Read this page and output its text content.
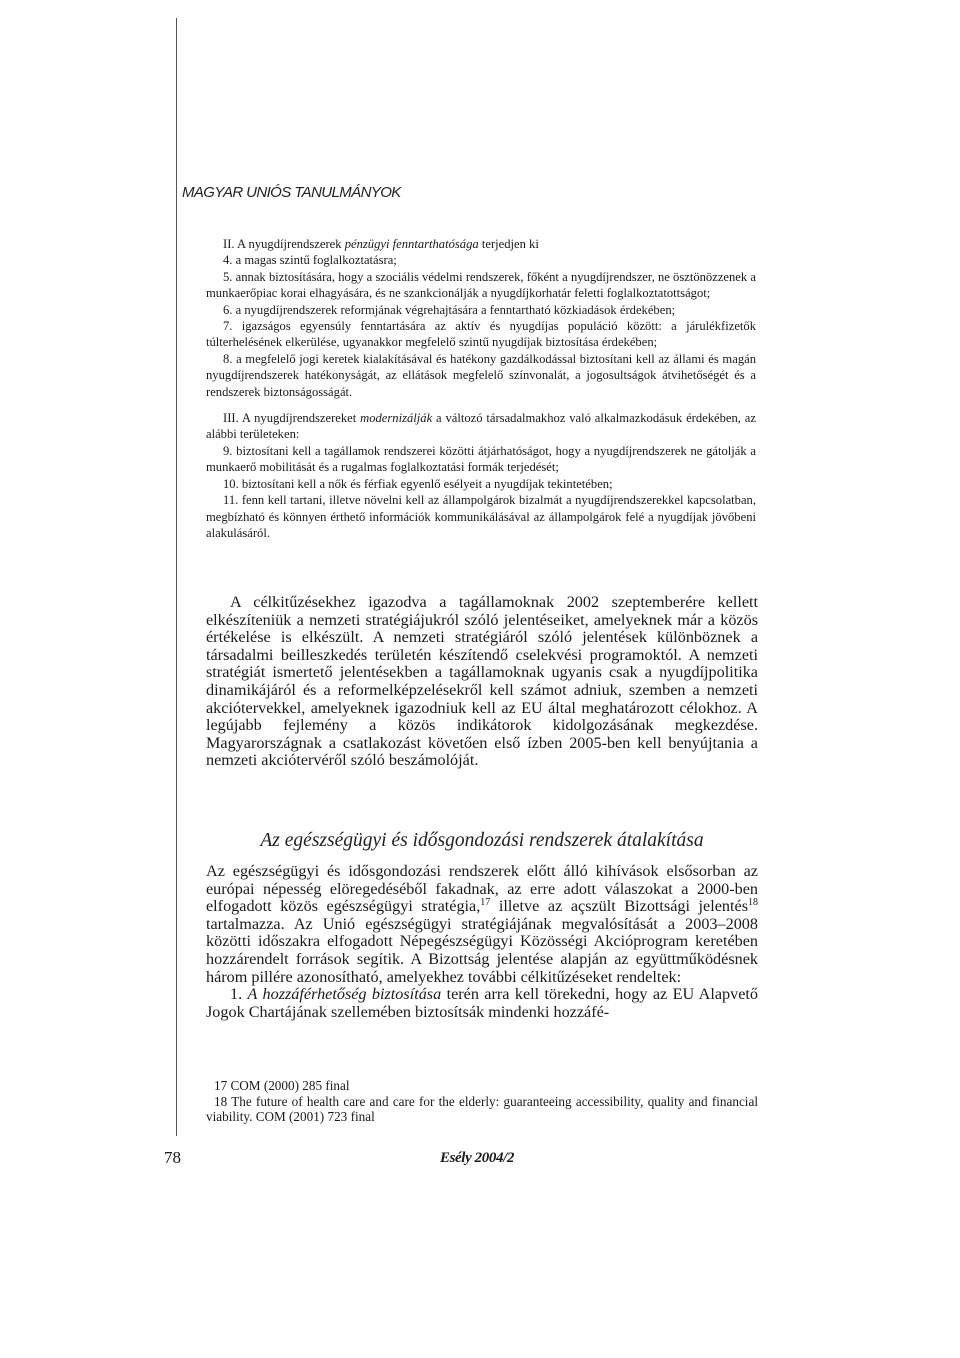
MAGYAR UNIÓS TANULMÁNYOK

II. A nyugdíjrendszerek pénzügyi fenntarthatósága terjedjen ki

4. a magas szintű foglalkoztatásra;

5. annak biztosítására, hogy a szociális védelmi rendszerek, főként a nyugdíjrendszer, ne ösztönözzenek a munkaerőpiac korai elhagyására, és ne szankcionálják a nyugdíjkorhatár feletti foglalkoztatottságot;

6. a nyugdíjrendszerek reformjának végrehajtására a fenntartható közkiadások érdekében;

7. igazságos egyensúly fenntartására az aktív és nyugdíjas populáció között: a járulékfizetők túlterhelésének elkerülése, ugyanakkor megfelelő szintű nyugdíjak biztosítása érdekében;

8. a megfelelő jogi keretek kialakításával és hatékony gazdálkodással biztosítani kell az állami és magán nyugdíjrendszerek hatékonyságát, az ellátások megfelelő színvonalát, a jogosultságok átvihetőségét és a rendszerek biztonságosságát.

III. A nyugdíjrendszereket modernizálják a változó társadalmakhoz való alkalmazkodásuk érdekében, az alábbi területeken:

9. biztosítani kell a tagállamok rendszerei közötti átjárhatóságot, hogy a nyugdíjrendszerek ne gátolják a munkaerő mobilitását és a rugalmas foglalkoztatási formák terjedését;

10. biztosítani kell a nők és férfiak egyenlő esélyeit a nyugdíjak tekintetében;

11. fenn kell tartani, illetve növelni kell az állampolgárok bizalmát a nyugdíjrendszerekkel kapcsolatban, megbízható és könnyen érthető információk kommunikálásával az állampolgárok felé a nyugdíjak jövőbeni alakulásáról.

A célkitűzésekhez igazodva a tagállamoknak 2002 szeptemberére kellett elkészíteniük a nemzeti stratégiájukról szóló jelentéseiket, amelyeknek már a közös értékelése is elkészült. A nemzeti stratégiáról szóló jelentések különböznek a társadalmi beilleszkedés területén készítendő cselekvési programoktól. A nemzeti stratégiát ismertető jelentésekben a tagállamoknak ugyanis csak a nyugdíjpolitika dinamikájáról és a reformelképzelésekről kell számot adniuk, szemben a nemzeti akciótervekkel, amelyeknek igazodniuk kell az EU által meghatározott célokhoz. A legújabb fejlemény a közös indikátorok kidolgozásának megkezdése. Magyarországnak a csatlakozást követően első ízben 2005-ben kell benyújtania a nemzeti akciótervéről szóló beszámolóját.

Az egészségügyi és idősgondozási rendszerek átalakítása

Az egészségügyi és idősgondozási rendszerek előtt álló kihívások elsősorban az európai népesség elöregedéséből fakadnak, az erre adott válaszokat a 2000-ben elfogadott közös egészségügyi stratégia,$^{17}$ illetve az açszült Bizottsági jelentés$^{18}$ tartalmazza. Az Unió egészségügyi stratégiájának megvalósítását a 2003–2008 közötti időszakra elfogadott Népegészségügyi Közösségi Akcióprogram keretében hozzárendelt források segítik. A Bizottság jelentése alapján az együttműködésnek három pillére azonosítható, amelyekhez további célkitűzéseket rendeltek:

1. A hozzáférhetőség biztosítása terén arra kell törekedni, hogy az EU Alapvető Jogok Chartájának szellemében biztosítsák mindenki hozzáfé-

17 COM (2000) 285 final

18 The future of health care and care for the elderly: guaranteeing accessibility, quality and financial viability. COM (2001) 723 final

78	Esély 2004/2
